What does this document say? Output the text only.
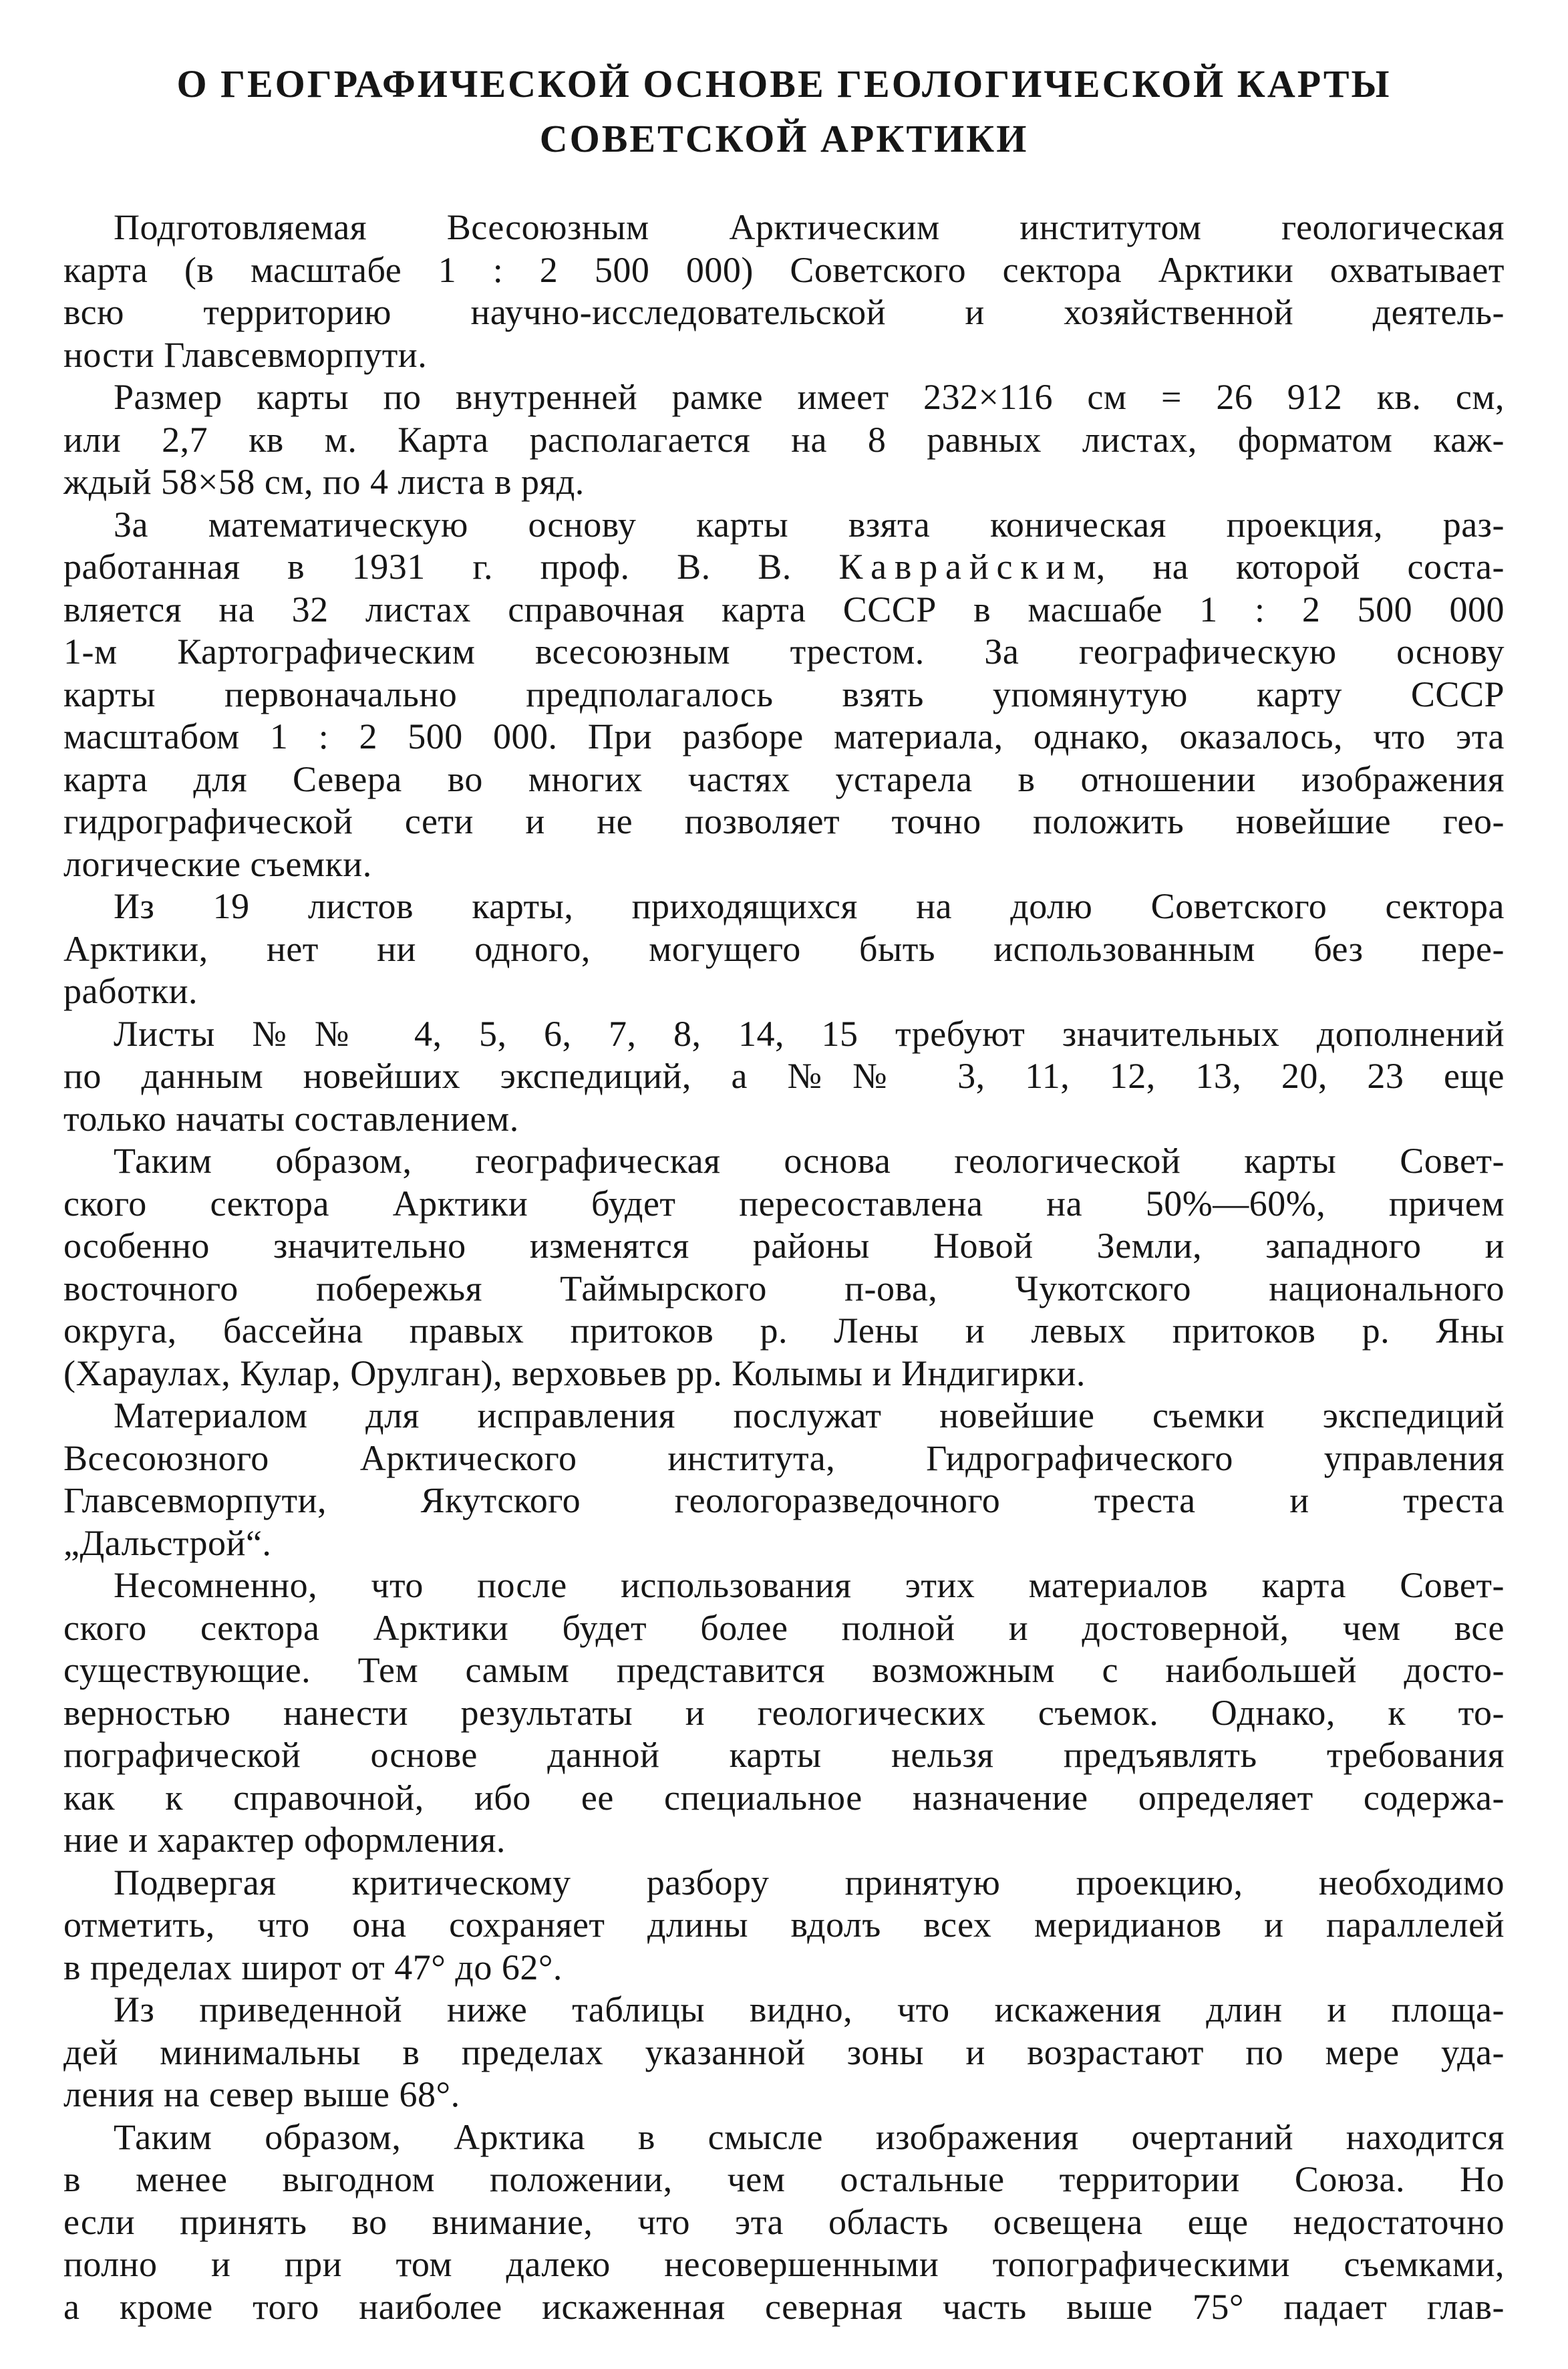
О ГЕОГРАФИЧЕСКОЙ ОСНОВЕ ГЕОЛОГИЧЕСКОЙ КАРТЫ
СОВЕТСКОЙ АРКТИКИ
Подготовляемая Всесоюзным Арктическим институтом геологическая
карта (в масштабе 1 : 2 500 000) Советского сектора Арктики охватывает
всю территорию научно-исследовательской и хозяйственной деятель-
ности Главсевморпути.
Размер карты по внутренней рамке имеет 232×116 см = 26 912 кв. см,
или 2,7 кв м. Карта располагается на 8 равных листах, форматом каж-
ждый 58×58 см, по 4 листа в ряд.
За математическую основу карты взята коническая проекция, раз-
работанная в 1931 г. проф. В. В. К а в р а й с к и м, на которой соста-
вляется на 32 листах справочная карта СССР в масшабе 1 : 2 500 000
1-м Картографическим всесоюзным трестом. За географическую основу
карты первоначально предполагалось взять упомянутую карту СССР
масштабом 1 : 2 500 000. При разборе материала, однако, оказалось, что эта
карта для Севера во многих частях устарела в отношении изображения
гидрографической сети и не позволяет точно положить новейшие гео-
логические съемки.
Из 19 листов карты, приходящихся на долю Советского сектора
Арктики, нет ни одного, могущего быть использованным без пере-
работки.
Листы №№ 4, 5, 6, 7, 8, 14, 15 требуют значительных дополнений
по данным новейших экспедиций, а №№ 3, 11, 12, 13, 20, 23 еще
только начаты составлением.
Таким образом, географическая основа геологической карты Совет-
ского сектора Арктики будет пересоставлена на 50%—60%, причем
особенно значительно изменятся районы Новой Земли, западного и
восточного побережья Таймырского п-ова, Чукотского национального
округа, бассейна правых притоков р. Лены и левых притоков р. Яны
(Хараулах, Кулар, Орулган), верховьев рр. Колымы и Индигирки.
Материалом для исправления послужат новейшие съемки экспедиций
Всесоюзного Арктического института, Гидрографического управления
Главсевморпути, Якутского геологоразведочного треста и треста
„Дальстрой“.
Несомненно, что после использования этих материалов карта Совет-
ского сектора Арктики будет более полной и достоверной, чем все
существующие. Тем самым представится возможным с наибольшей досто-
верностью нанести результаты и геологических съемок. Однако, к то-
пографической основе данной карты нельзя предъявлять требования
как к справочной, ибо ее специальное назначение определяет содержа-
ние и характер оформления.
Подвергая критическому разбору принятую проекцию, необходимо
отметить, что она сохраняет длины вдолъ всех меридианов и параллелей
в пределах широт от 47° до 62°.
Из приведенной ниже таблицы видно, что искажения длин и площа-
дей минимальны в пределах указанной зоны и возрастают по мере уда-
ления на север выше 68°.
Таким образом, Арктика в смысле изображения очертаний находится
в менее выгодном положении, чем остальные территории Союза. Но
если принять во внимание, что эта область освещена еще недостаточно
полно и при том далеко несовершенными топографическими съемками,
а кроме того наиболее искаженная северная часть выше 75° падает глав-
